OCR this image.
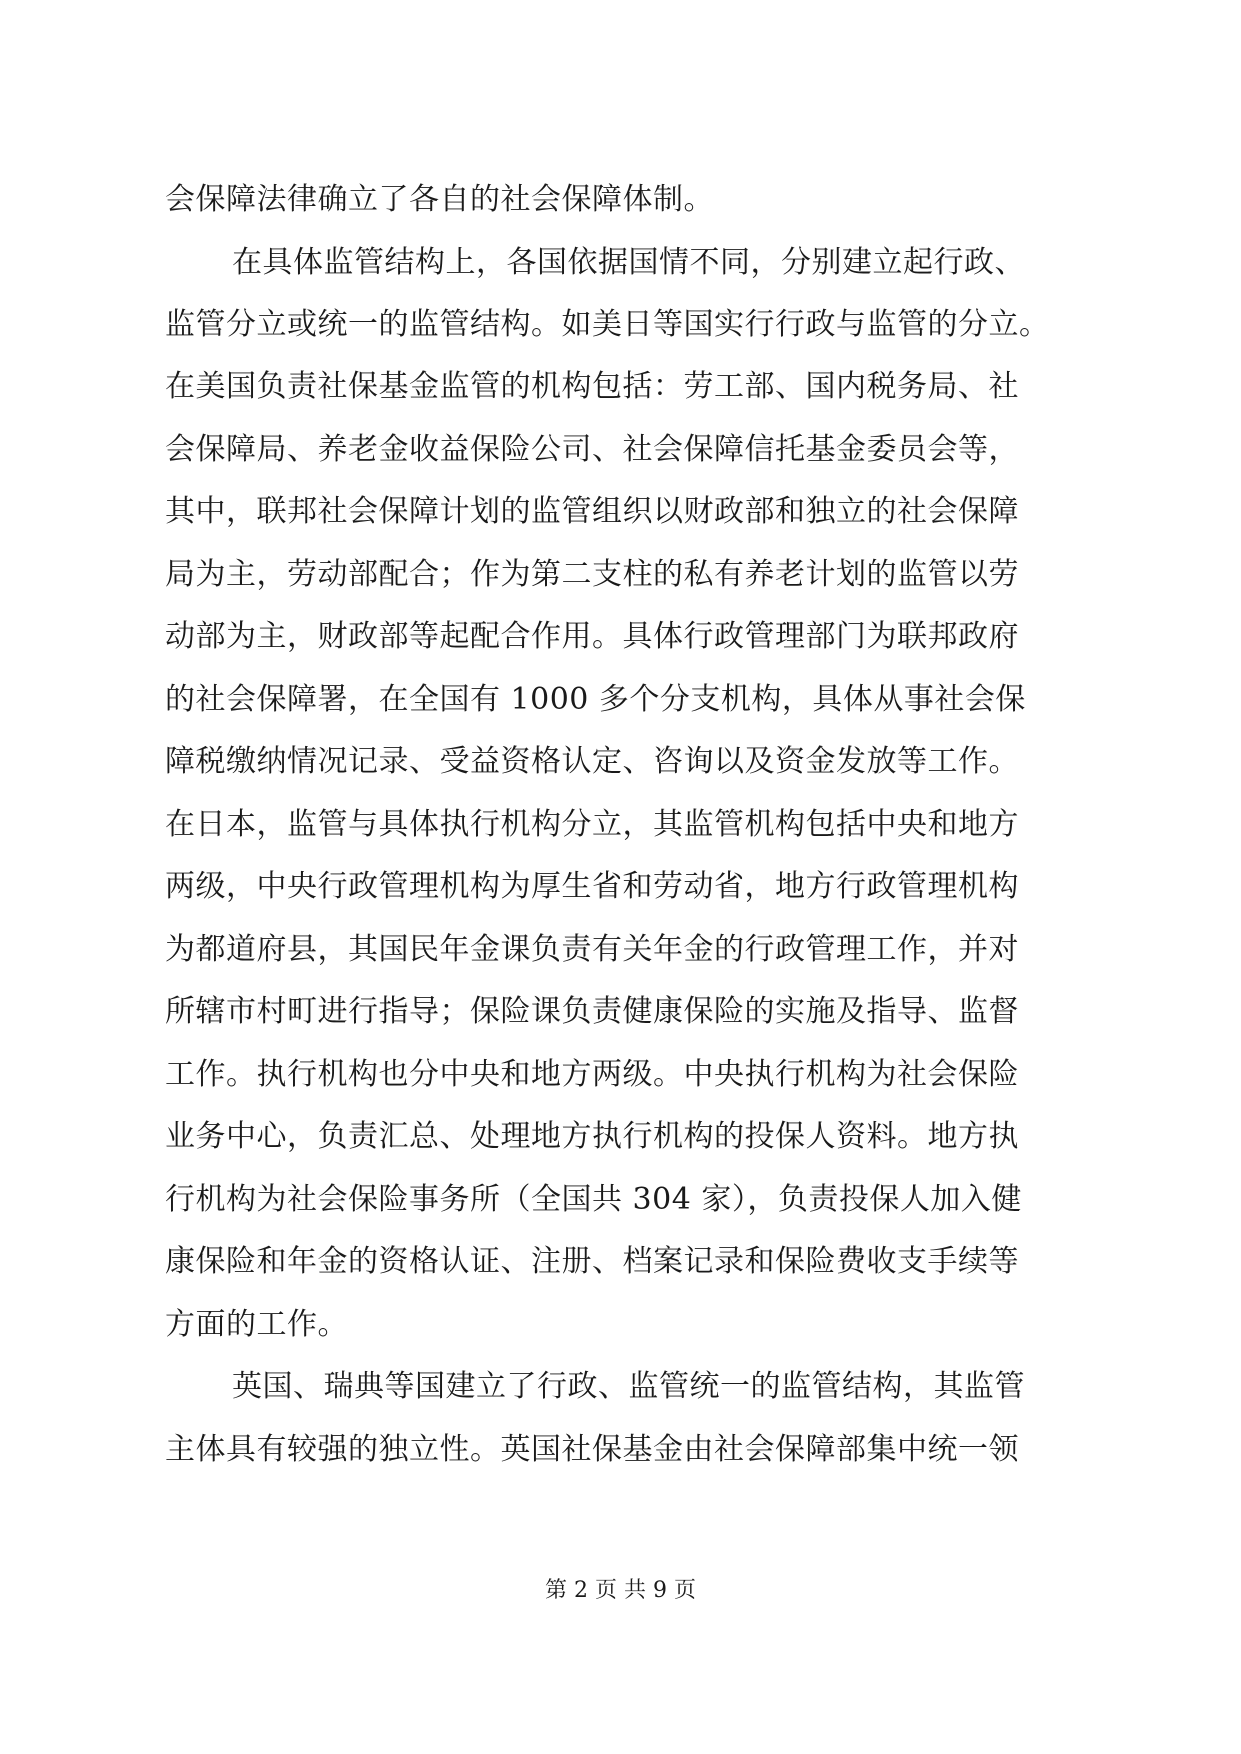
会保障法律确立了各自的社会保障体制。
在具体监管结构上，各国依据国情不同，分别建立起行政、
监管分立或统一的监管结构。如美日等国实行行政与监管的分立。
在美国负责社保基金监管的机构包括：劳工部、国内税务局、社
会保障局、养老金收益保险公司、社会保障信托基金委员会等，
其中，联邦社会保障计划的监管组织以财政部和独立的社会保障
局为主，劳动部配合；作为第二支柱的私有养老计划的监管以劳
动部为主，财政部等起配合作用。具体行政管理部门为联邦政府
的社会保障署，在全国有 1000 多个分支机构，具体从事社会保
障税缴纳情况记录、受益资格认定、咨询以及资金发放等工作。
在日本，监管与具体执行机构分立，其监管机构包括中央和地方
两级，中央行政管理机构为厚生省和劳动省，地方行政管理机构
为都道府县，其国民年金课负责有关年金的行政管理工作，并对
所辖市村町进行指导；保险课负责健康保险的实施及指导、监督
工作。执行机构也分中央和地方两级。中央执行机构为社会保险
业务中心，负责汇总、处理地方执行机构的投保人资料。地方执
行机构为社会保险事务所（全国共 304 家），负责投保人加入健
康保险和年金的资格认证、注册、档案记录和保险费收支手续等
方面的工作。
英国、瑞典等国建立了行政、监管统一的监管结构，其监管
主体具有较强的独立性。英国社保基金由社会保障部集中统一领
第 2 页 共 9 页
